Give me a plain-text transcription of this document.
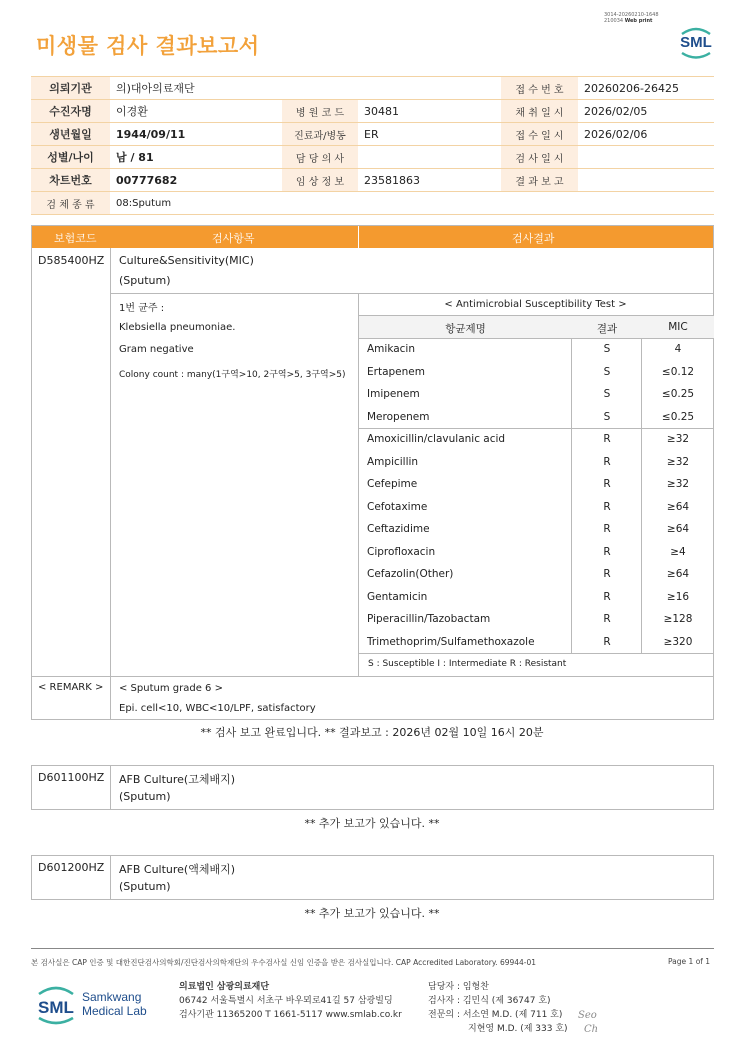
3014-20260210-1648
210034 Web print
미생물 검사 결과보고서	SML
의뢰기관	의)대아의료재단			접 수 번 호	20260206-26425
수진자명	이경환	병 원 코 드	30481	채 취 일 시	2026/02/05
생년월일	1944/09/11	진료과/병동	ER	접 수 일 시	2026/02/06
성별/나이	남 / 81	담 당 의 사		검 사 일 시	
차트번호	00777682	임 상 정 보	23581863	결 과 보 고	
검 체 종 류	08:Sputum				
보험코드	검사항목	검사결과
D585400HZ Culture&Sensitivity(MIC)
(Sputum)
1번 균주 :
Klebsiella pneumoniae.
Gram negative
Colony count : many(1구역>10, 2구역>5, 3구역>5)
< Antimicrobial Susceptibility Test >
항균제명	결과	MIC
Amikacin	S	4
Ertapenem	S	≤0.12
Imipenem	S	≤0.25
Meropenem	S	≤0.25
Amoxicillin/clavulanic acid	R	≥32
Ampicillin	R	≥32
Cefepime	R	≥32
Cefotaxime	R	≥64
Ceftazidime	R	≥64
Ciprofloxacin	R	≥4
Cefazolin(Other)	R	≥64
Gentamicin	R	≥16
Piperacillin/Tazobactam	R	≥128
Trimethoprim/Sulfamethoxazole	R	≥320
S : Susceptible I : Intermediate R : Resistant
< REMARK > < Sputum grade 6 >
Epi. cell<10, WBC<10/LPF, satisfactory
** 검사 보고 완료입니다. ** 결과보고 : 2026년 02월 10일 16시 20분
D601100HZ AFB Culture(고체배지)
(Sputum)
** 추가 보고가 있습니다. **
D601200HZ AFB Culture(액체배지)
(Sputum)
** 추가 보고가 있습니다. **
본 검사실은 CAP 인증 및 대한진단검사의학회/진단검사의학재단의 우수검사실 신임 인증을 받은 검사실입니다. CAP Accredited Laboratory. 69944-01	Page 1 of 1
SML
Samkwang
Medical Lab
의료법인 삼광의료재단
06742 서울특별시 서초구 바우뫼로41길 57 삼광빌딩
검사기관 11365200 T 1661-5117 www.smlab.co.kr
담당자 : 임형찬
검사자 : 김민식 (제 36747 호)
전문의 : 서소연 M.D. (제 711 호)
지현영 M.D. (제 333 호)
Seo
Ch
